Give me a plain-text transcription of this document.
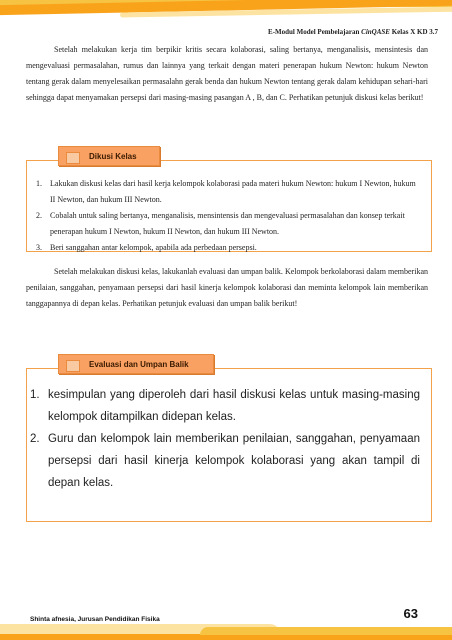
E-Modul Model Pembelajaran CinQASE Kelas X KD 3.7

Setelah melakukan kerja tim berpikir kritis secara kolaborasi, saling bertanya, menganalisis, mensintesis dan mengevaluasi permasalahan, rumus dan lainnya yang terkait dengan materi penerapan hukum Newton: hukum Newton tentang gerak dalam menyelesaikan permasalahn gerak benda dan hukum Newton tentang gerak dalam kehidupan sehari-hari sehingga dapat menyamakan persepsi dari masing-masing pasangan A , B, dan C. Perhatikan petunjuk diskusi kelas berikut!

Dikusi Kelas
1. Lakukan diskusi kelas dari hasil kerja kelompok kolaborasi pada materi hukum Newton: hukum I Newton, hukum II Newton, dan hukum III Newton.
2. Cobalah untuk saling bertanya, menganalisis, mensintensis dan mengevaluasi permasalahan dan konsep terkait penerapan hukum I Newton, hukum II Newton, dan hukum III Newton.
3. Beri sanggahan antar kelompok, apabila ada perbedaan persepsi.

Setelah melakukan diskusi kelas, lakukanlah evaluasi dan umpan balik. Kelompok berkolaborasi dalam memberikan penilaian, sanggahan, penyamaan persepsi dari hasil kinerja kelompok kolaborasi dan meminta kelompok lain memberikan tanggapannya di depan kelas. Perhatikan petunjuk evaluasi dan umpan balik berikut!

Evaluasi dan Umpan Balik
1. kesimpulan yang diperoleh dari hasil diskusi kelas untuk masing-masing kelompok ditampilkan didepan kelas.
2. Guru dan kelompok lain memberikan penilaian, sanggahan, penyamaan persepsi dari hasil kinerja kelompok kolaborasi yang akan tampil di depan kelas.
Shinta afnesia, Jurusan Pendidikan Fisika	63
